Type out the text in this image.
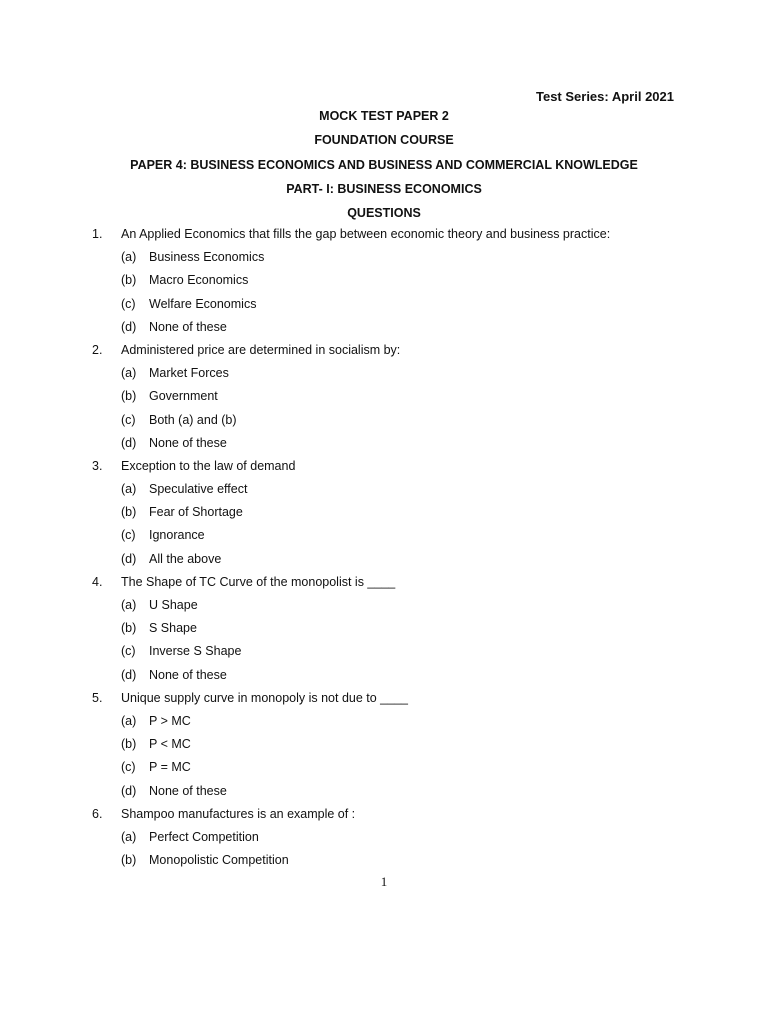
Test Series: April 2021
MOCK TEST PAPER 2
FOUNDATION COURSE
PAPER 4: BUSINESS ECONOMICS AND BUSINESS AND COMMERCIAL KNOWLEDGE
PART- I: BUSINESS ECONOMICS
QUESTIONS
1. An Applied Economics that fills the gap between economic theory and business practice:
(a) Business Economics
(b) Macro Economics
(c) Welfare Economics
(d) None of these
2. Administered price are determined in socialism by:
(a) Market Forces
(b) Government
(c) Both (a) and (b)
(d) None of these
3. Exception to the law of demand
(a) Speculative effect
(b) Fear of Shortage
(c) Ignorance
(d) All the above
4. The Shape of TC Curve of the monopolist is ____
(a) U Shape
(b) S Shape
(c) Inverse S Shape
(d) None of these
5. Unique supply curve in monopoly is not due to ____
(a) P > MC
(b) P < MC
(c) P = MC
(d) None of these
6. Shampoo manufactures is an example of :
(a) Perfect Competition
(b) Monopolistic Competition
1
